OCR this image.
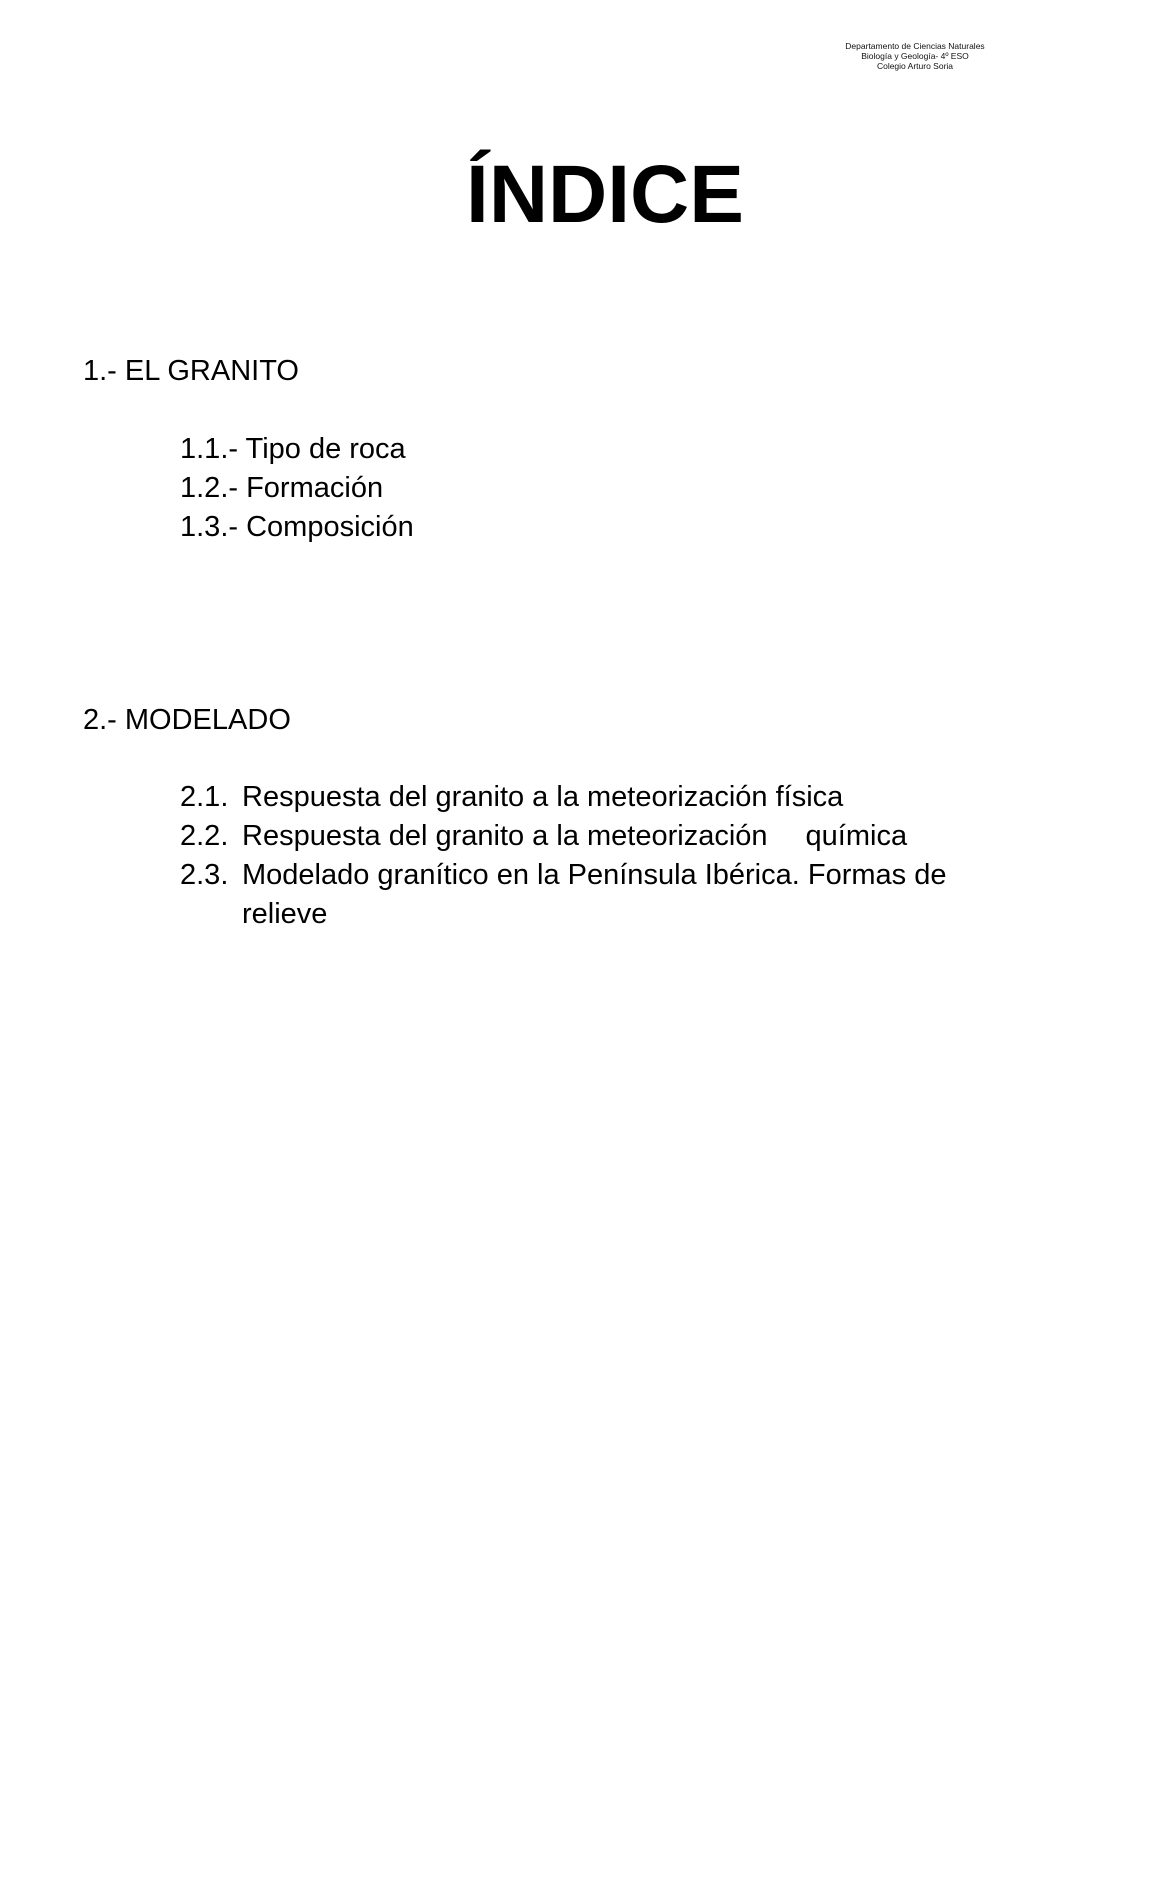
Departamento de Ciencias Naturales
Biología y Geología- 4º ESO
Colegio Arturo Soria
ÍNDICE
1.- EL GRANITO
1.1.- Tipo de roca
1.2.- Formación
1.3.- Composición
2.- MODELADO
2.1. Respuesta del granito a la meteorización física
2.2. Respuesta del granito a la meteorización química
2.3. Modelado granítico en la Península Ibérica. Formas de
relieve
